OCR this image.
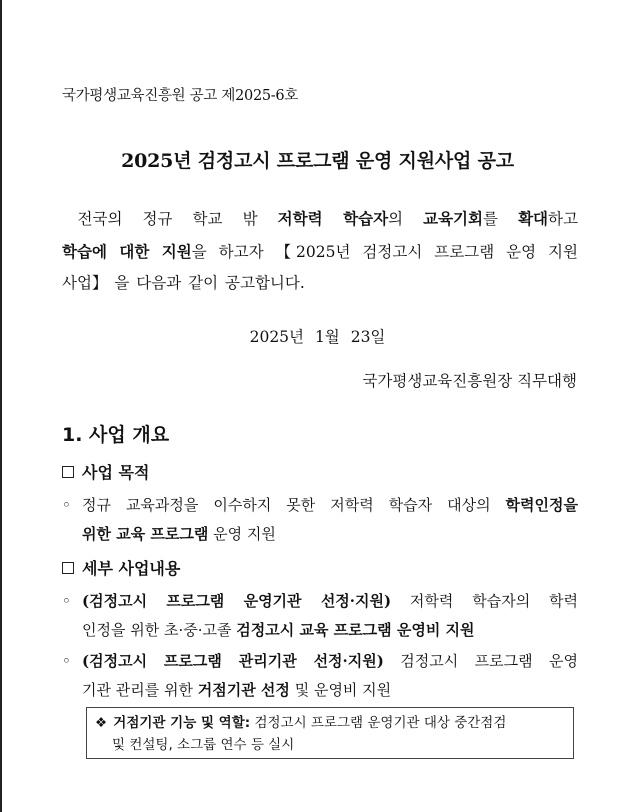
국가평생교육진흥원 공고 제2025-6호
2025년 검정고시 프로그램 운영 지원사업 공고
 전국의 정규 학교 밖 저학력 학습자의 교육기회를 확대하고
학습에 대한 지원을 하고자 【2025년 검정고시 프로그램 운영 지원
사업】 을 다음과 같이 공고합니다.
2025년 1월 23일
국가평생교육진흥원장 직무대행
1. 사업 개요
사업 목적
◦ 정규 교육과정을 이수하지 못한 저학력 학습자 대상의 학력인정을
위한 교육 프로그램 운영 지원
세부 사업내용
◦ (검정고시 프로그램 운영기관 선정·지원) 저학력 학습자의 학력
인정을 위한 초·중·고졸 검정고시 교육 프로그램 운영비 지원
◦ (검정고시 프로그램 관리기관 선정·지원) 검정고시 프로그램 운영
기관 관리를 위한 거점기관 선정 및 운영비 지원
❖ 거점기관 기능 및 역할: 검정고시 프로그램 운영기관 대상 중간점검
및 컨설팅, 소그룹 연수 등 실시
